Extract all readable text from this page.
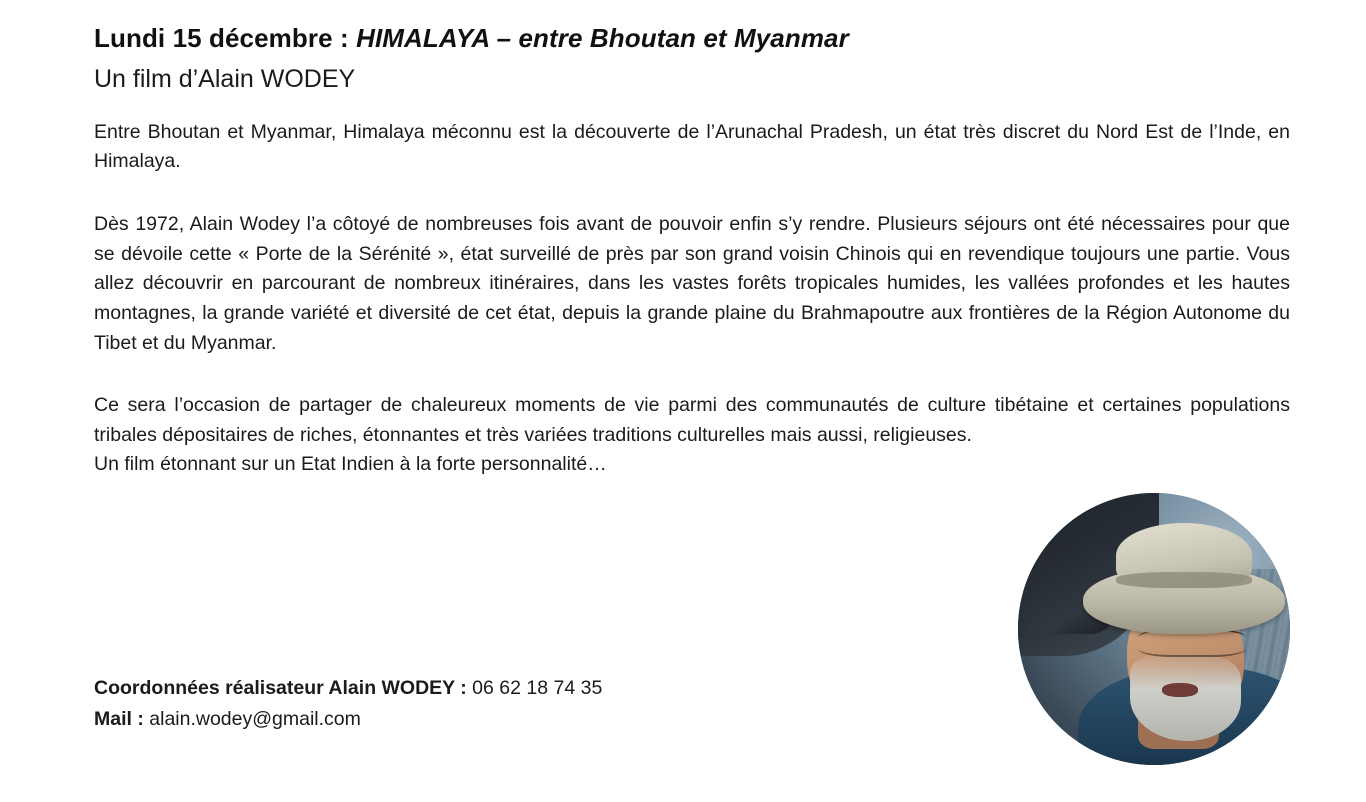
Lundi 15 décembre : HIMALAYA – entre Bhoutan et Myanmar
Un film d’Alain WODEY
Entre Bhoutan et Myanmar, Himalaya méconnu est la découverte de l’Arunachal Pradesh, un état très discret du Nord Est de l’Inde, en Himalaya.
Dès 1972, Alain Wodey l’a côtoyé de nombreuses fois avant de pouvoir enfin s’y rendre. Plusieurs séjours ont été nécessaires pour que se dévoile cette « Porte de la Sérénité », état surveillé de près par son grand voisin Chinois qui en revendique toujours une partie. Vous allez découvrir en parcourant de nombreux itinéraires, dans les vastes forêts tropicales humides, les vallées profondes et les hautes montagnes, la grande variété et diversité de cet état, depuis la grande plaine du Brahmapoutre aux frontières de la Région Autonome du Tibet et du Myanmar.
Ce sera l’occasion de partager de chaleureux moments de vie parmi des communautés de culture tibétaine et certaines populations tribales dépositaires de riches, étonnantes et très variées traditions culturelles mais aussi, religieuses.
Un film étonnant sur un Etat Indien à la forte personnalité…
Coordonnées réalisateur Alain WODEY : 06 62 18 74 35
Mail : alain.wodey@gmail.com
